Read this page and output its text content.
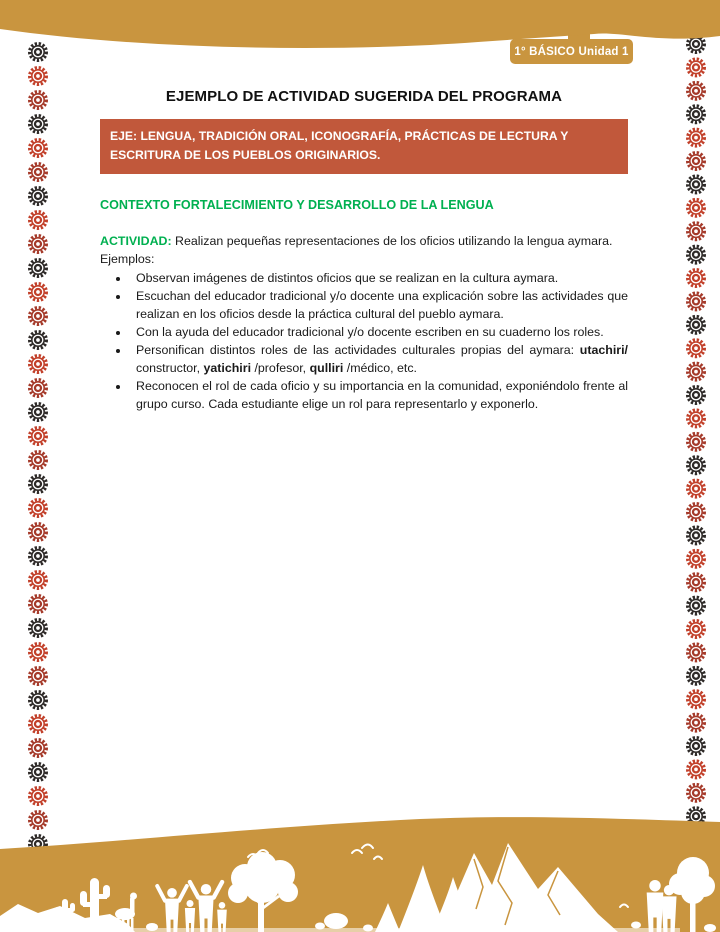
1° BÁSICO Unidad 1
EJEMPLO DE ACTIVIDAD SUGERIDA DEL PROGRAMA
EJE: LENGUA, TRADICIÓN ORAL, ICONOGRAFÍA, PRÁCTICAS DE LECTURA Y ESCRITURA DE LOS PUEBLOS ORIGINARIOS.
CONTEXTO FORTALECIMIENTO Y DESARROLLO DE LA LENGUA
ACTIVIDAD: Realizan pequeñas representaciones de los oficios utilizando la lengua aymara.
Ejemplos:
• Observan imágenes de distintos oficios que se realizan en la cultura aymara.
• Escuchan del educador tradicional y/o docente una explicación sobre las actividades que realizan en los oficios desde la práctica cultural del pueblo aymara.
• Con la ayuda del educador tradicional y/o docente escriben en su cuaderno los roles.
• Personifican distintos roles de las actividades culturales propias del aymara: utachiri/ constructor, yatichiri /profesor, qulliri /médico, etc.
• Reconocen el rol de cada oficio y su importancia en la comunidad, exponiéndolo frente al grupo curso. Cada estudiante elige un rol para representarlo y exponerlo.
